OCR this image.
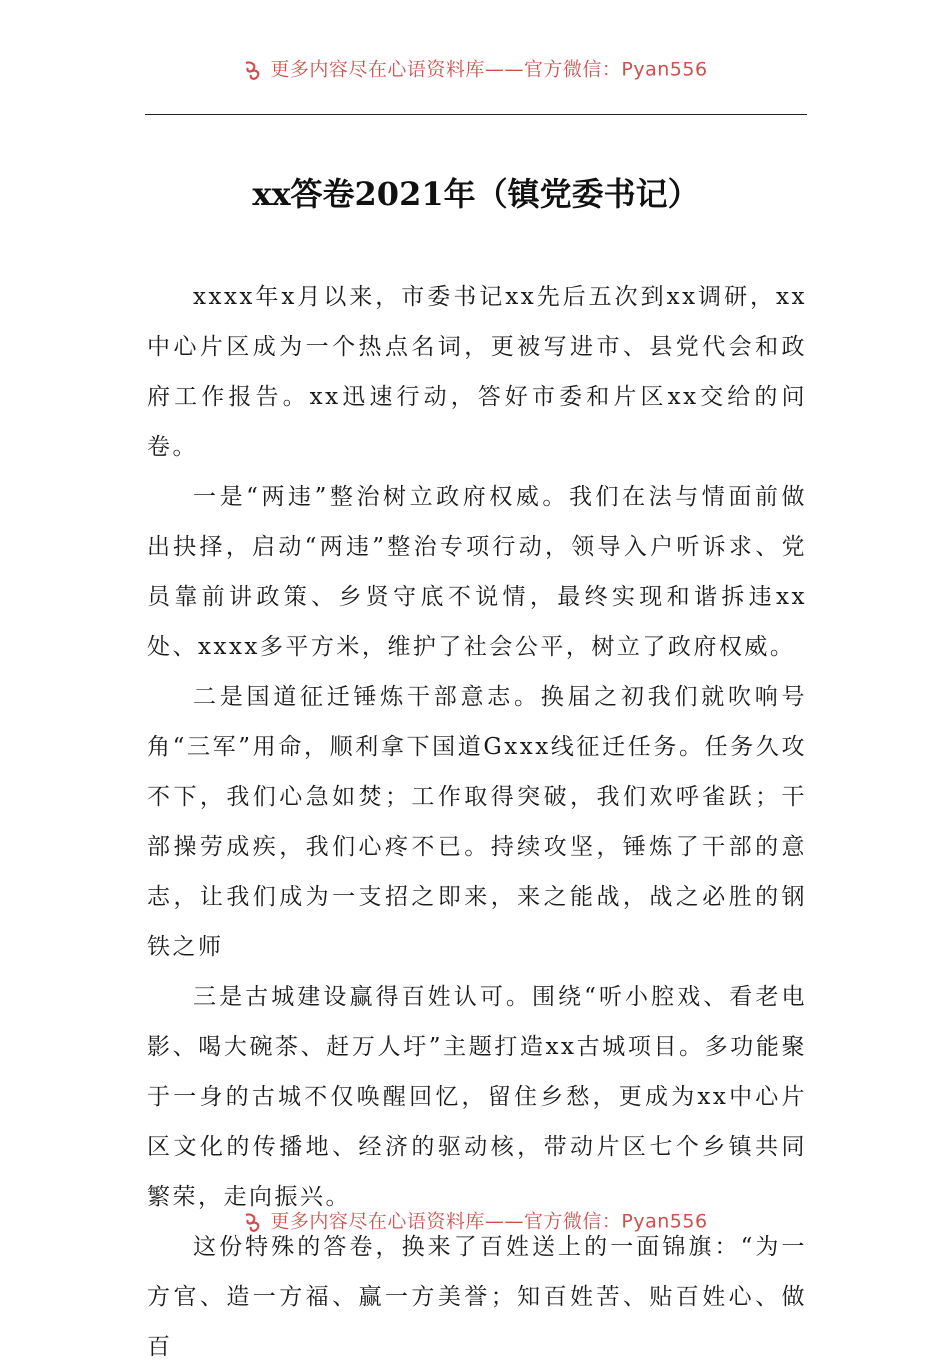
更多内容尽在心语资料库——官方微信：Pyan556
xx答卷2021年（镇党委书记）

xxxx年x月以来，市委书记xx先后五次到xx调研，xx中心片区成为一个热点名词，更被写进市、县党代会和政府工作报告。xx迅速行动，答好市委和片区xx交给的问卷。

一是“两违”整治树立政府权威。我们在法与情面前做出抉择，启动“两违”整治专项行动，领导入户听诉求、党员靠前讲政策、乡贤守底不说情，最终实现和谐拆违xx处、xxxx多平方米，维护了社会公平，树立了政府权威。

二是国道征迁锤炼干部意志。换届之初我们就吹响号角“三军”用命，顺利拿下国道Gxxx线征迁任务。任务久攻不下，我们心急如焚；工作取得突破，我们欢呼雀跃；干部操劳成疾，我们心疼不已。持续攻坚，锤炼了干部的意志，让我们成为一支招之即来，来之能战，战之必胜的钢铁之师

三是古城建设赢得百姓认可。围绕“听小腔戏、看老电影、喝大碗茶、赶万人圩”主题打造xx古城项目。多功能聚于一身的古城不仅唤醒回忆，留住乡愁，更成为xx中心片区文化的传播地、经济的驱动核，带动片区七个乡镇共同繁荣，走向振兴。

这份特殊的答卷，换来了百姓送上的一面锦旗：“为一方官、造一方福、赢一方美誉；知百姓苦、贴百姓心、做百

更多内容尽在心语资料库——官方微信：Pyan556
